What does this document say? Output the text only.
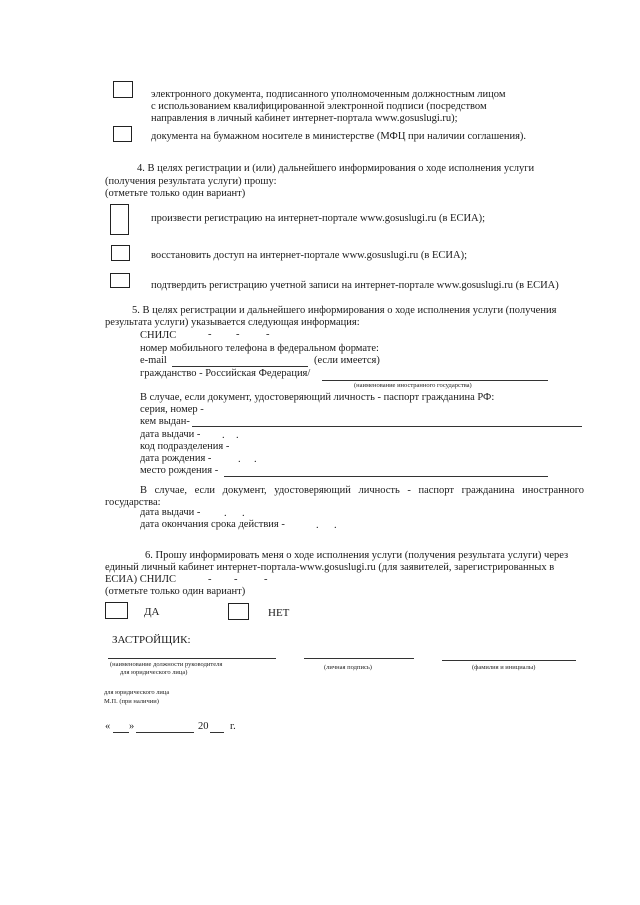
электронного документа, подписанного уполномоченным должностным лицом
с использованием квалифицированной электронной подписи (посредством
направления в личный кабинет интернет-портала www.gosuslugi.ru);
документа на бумажном носителе в министерстве (МФЦ при наличии соглашения).
4. В целях регистрации и (или) дальнейшего информирования о ходе исполнения услуги
(получения результата услуги) прошу:
(отметьте только один вариант)
произвести регистрацию на интернет-портале www.gosuslugi.ru (в ЕСИА);
восстановить доступ на интернет-портале www.gosuslugi.ru (в ЕСИА);
подтвердить регистрацию учетной записи на интернет-портале www.gosuslugi.ru (в ЕСИА)
5. В целях регистрации и дальнейшего информирования о ходе исполнения услуги (получения
результата услуги) указывается следующая информация:
СНИЛС	- -	-
номер мобильного телефона в федеральном формате:
e-mail	(если имеется)
гражданство - Российская Федерация/
(наименование иностранного государства)
В случае, если документ, удостоверяющий личность - паспорт гражданина РФ:
серия, номер -
кем выдан-
дата выдачи - . .
код подразделения -
дата рождения -	. .
место рождения -
В случае, если документ, удостоверяющий личность - паспорт гражданина иностранного
государства:
дата выдачи - . .
дата окончания срока действия -	. .
6. Прошу информировать меня о ходе исполнения услуги (получения результата услуги) через
единый личный кабинет интернет-портала-www.gosuslugi.ru (для заявителей, зарегистрированных в
ЕСИА) СНИЛС	- -	-
(отметьте только один вариант)
ДА	НЕТ
ЗАСТРОЙЩИК:
(наименование должности руководителя
для юридического лица)
(личная подпись)	(фамилия и инициалы)
для юридического лица
М.П. (при наличии)
« »	20 г.
